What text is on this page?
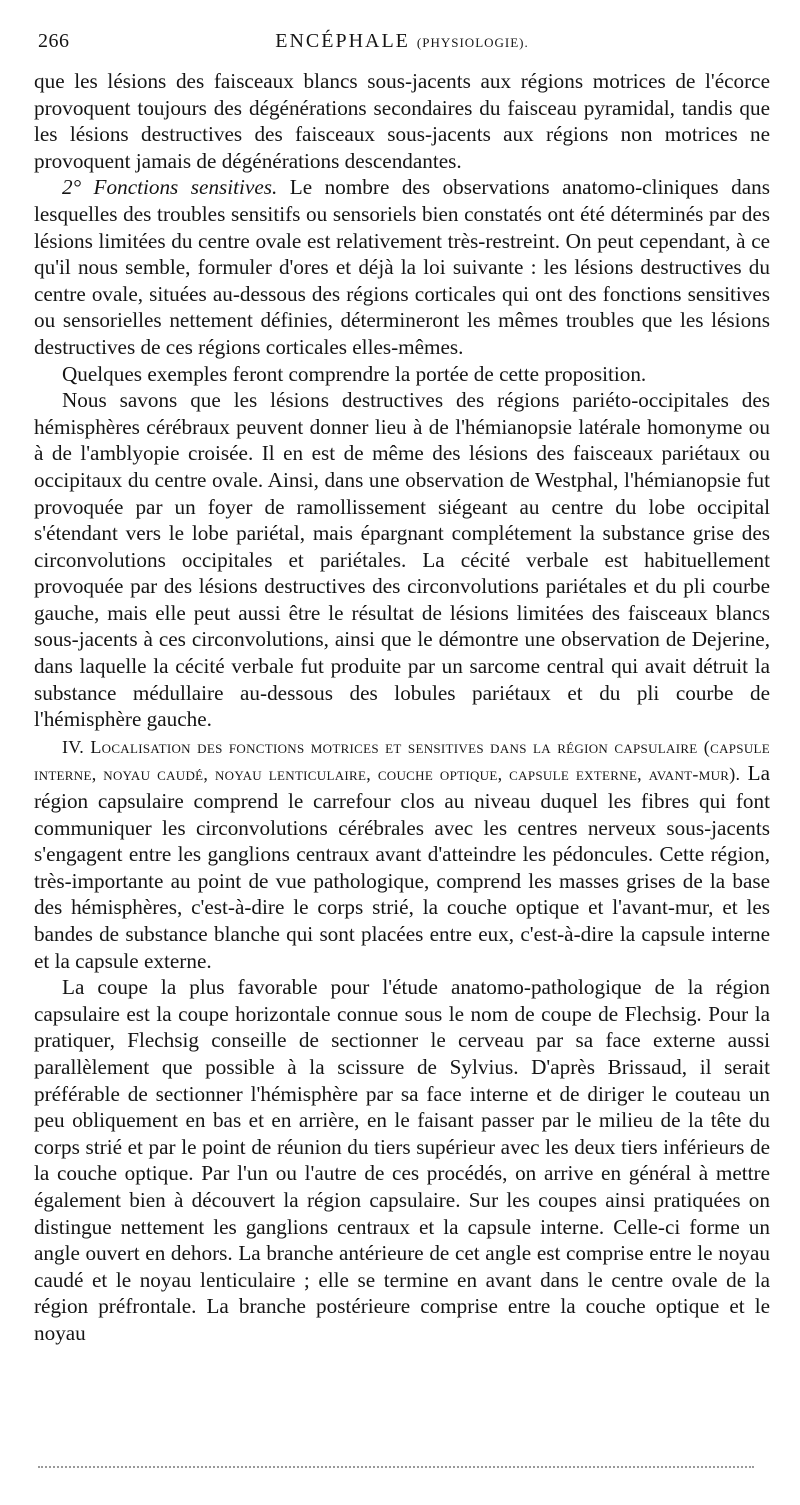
266	ENCÉPHALE (PHYSIOLOGIE).

que les lésions des faisceaux blancs sous-jacents aux régions motrices de l'écorce provoquent toujours des dégénérations secondaires du faisceau pyramidal, tandis que les lésions destructives des faisceaux sous-jacents aux régions non motrices ne provoquent jamais de dégénérations descendantes.

2° Fonctions sensitives. Le nombre des observations anatomo-cliniques dans lesquelles des troubles sensitifs ou sensoriels bien constatés ont été déterminés par des lésions limitées du centre ovale est relativement très-restreint. On peut cependant, à ce qu'il nous semble, formuler d'ores et déjà la loi suivante : les lésions destructives du centre ovale, situées au-dessous des régions corticales qui ont des fonctions sensitives ou sensorielles nettement définies, détermineront les mêmes troubles que les lésions destructives de ces régions corticales elles-mêmes.

Quelques exemples feront comprendre la portée de cette proposition.

Nous savons que les lésions destructives des régions pariéto-occipitales des hémisphères cérébraux peuvent donner lieu à de l'hémianopsie latérale homonyme ou à de l'amblyopie croisée. Il en est de même des lésions des faisceaux pariétaux ou occipitaux du centre ovale. Ainsi, dans une observation de Westphal, l'hémianopsie fut provoquée par un foyer de ramollissement siégeant au centre du lobe occipital s'étendant vers le lobe pariétal, mais épargnant complétement la substance grise des circonvolutions occipitales et pariétales. La cécité verbale est habituellement provoquée par des lésions destructives des circonvolutions pariétales et du pli courbe gauche, mais elle peut aussi être le résultat de lésions limitées des faisceaux blancs sous-jacents à ces circonvolutions, ainsi que le démontre une observation de Dejerine, dans laquelle la cécité verbale fut produite par un sarcome central qui avait détruit la substance médullaire au-dessous des lobules pariétaux et du pli courbe de l'hémisphère gauche.

IV. Localisation des fonctions motrices et sensitives dans la région capsulaire (capsule interne, noyau caudé, noyau lenticulaire, couche optique, capsule externe, avant-mur). La région capsulaire comprend le carrefour clos au niveau duquel les fibres qui font communiquer les circonvolutions cérébrales avec les centres nerveux sous-jacents s'engagent entre les ganglions centraux avant d'atteindre les pédoncules. Cette région, très-importante au point de vue pathologique, comprend les masses grises de la base des hémisphères, c'est-à-dire le corps strié, la couche optique et l'avant-mur, et les bandes de substance blanche qui sont placées entre eux, c'est-à-dire la capsule interne et la capsule externe.

La coupe la plus favorable pour l'étude anatomo-pathologique de la région capsulaire est la coupe horizontale connue sous le nom de coupe de Flechsig. Pour la pratiquer, Flechsig conseille de sectionner le cerveau par sa face externe aussi parallèlement que possible à la scissure de Sylvius. D'après Brissaud, il serait préférable de sectionner l'hémisphère par sa face interne et de diriger le couteau un peu obliquement en bas et en arrière, en le faisant passer par le milieu de la tête du corps strié et par le point de réunion du tiers supérieur avec les deux tiers inférieurs de la couche optique. Par l'un ou l'autre de ces procédés, on arrive en général à mettre également bien à découvert la région capsulaire. Sur les coupes ainsi pratiquées on distingue nettement les ganglions centraux et la capsule interne. Celle-ci forme un angle ouvert en dehors. La branche antérieure de cet angle est comprise entre le noyau caudé et le noyau lenticulaire ; elle se termine en avant dans le centre ovale de la région préfrontale. La branche postérieure comprise entre la couche optique et le noyau
